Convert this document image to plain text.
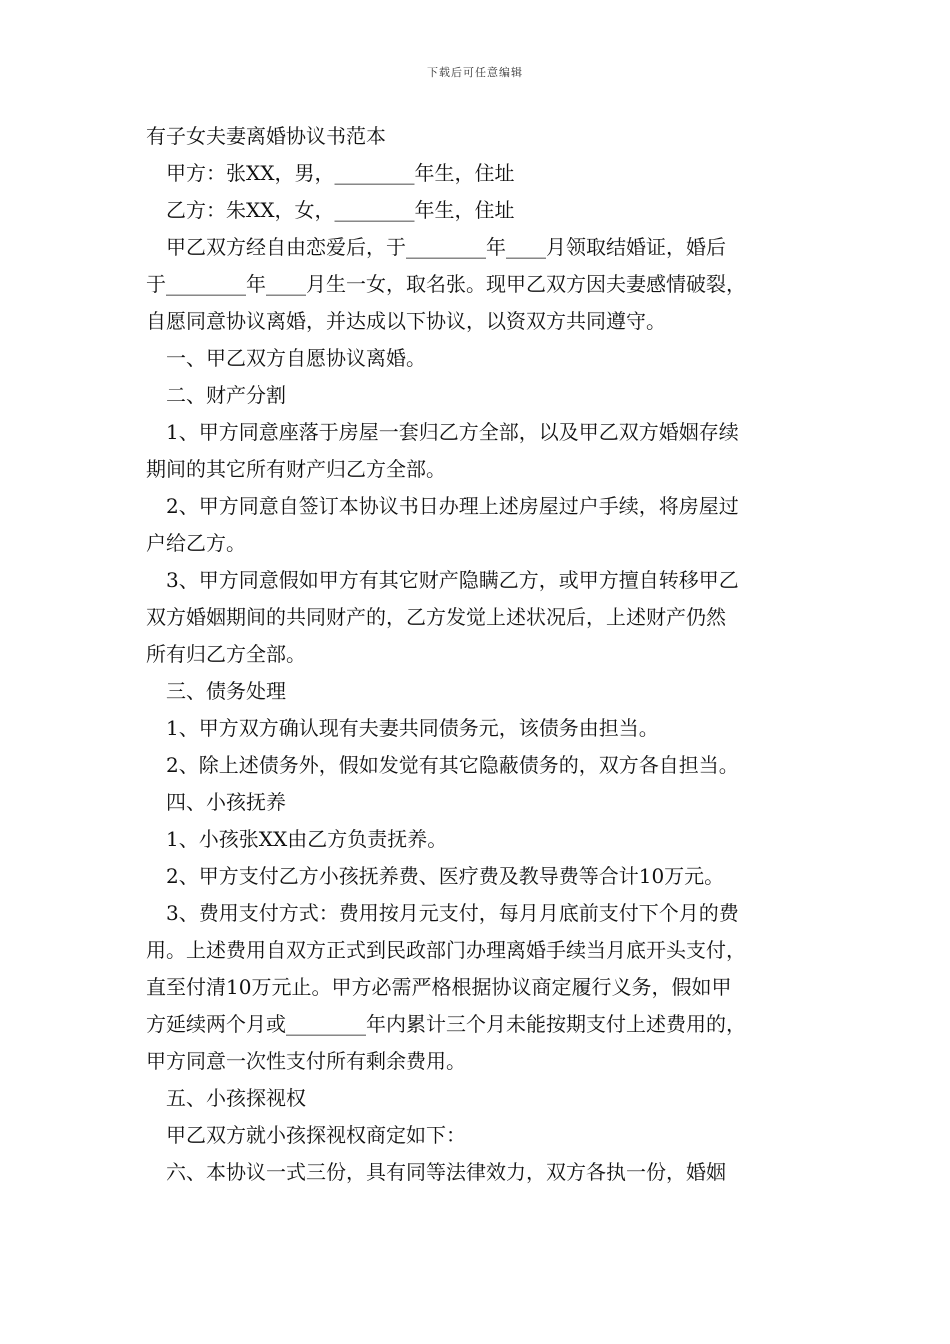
下载后可任意编辑
有子女夫妻离婚协议书范本
　甲方：张XX，男，________年生，住址
　乙方：朱XX，女，________年生，住址
　甲乙双方经自由恋爱后，于________年____月领取结婚证，婚后
于________年____月生一女，取名张。现甲乙双方因夫妻感情破裂，
自愿同意协议离婚，并达成以下协议，以资双方共同遵守。
　一、甲乙双方自愿协议离婚。
　二、财产分割
　1、甲方同意座落于房屋一套归乙方全部，以及甲乙双方婚姻存续
期间的其它所有财产归乙方全部。
　2、甲方同意自签订本协议书日办理上述房屋过户手续，将房屋过
户给乙方。
　3、甲方同意假如甲方有其它财产隐瞒乙方，或甲方擅自转移甲乙
双方婚姻期间的共同财产的，乙方发觉上述状况后，上述财产仍然
所有归乙方全部。
　三、债务处理
　1、甲方双方确认现有夫妻共同债务元，该债务由担当。
　2、除上述债务外，假如发觉有其它隐蔽债务的，双方各自担当。
　四、小孩抚养
　1、小孩张XX由乙方负责抚养。
　2、甲方支付乙方小孩抚养费、医疗费及教导费等合计10万元。
　3、费用支付方式：费用按月元支付，每月月底前支付下个月的费
用。上述费用自双方正式到民政部门办理离婚手续当月底开头支付，
直至付清10万元止。甲方必需严格根据协议商定履行义务，假如甲
方延续两个月或________年内累计三个月未能按期支付上述费用的，
甲方同意一次性支付所有剩余费用。
　五、小孩探视权
　甲乙双方就小孩探视权商定如下：
　六、本协议一式三份，具有同等法律效力，双方各执一份，婚姻
